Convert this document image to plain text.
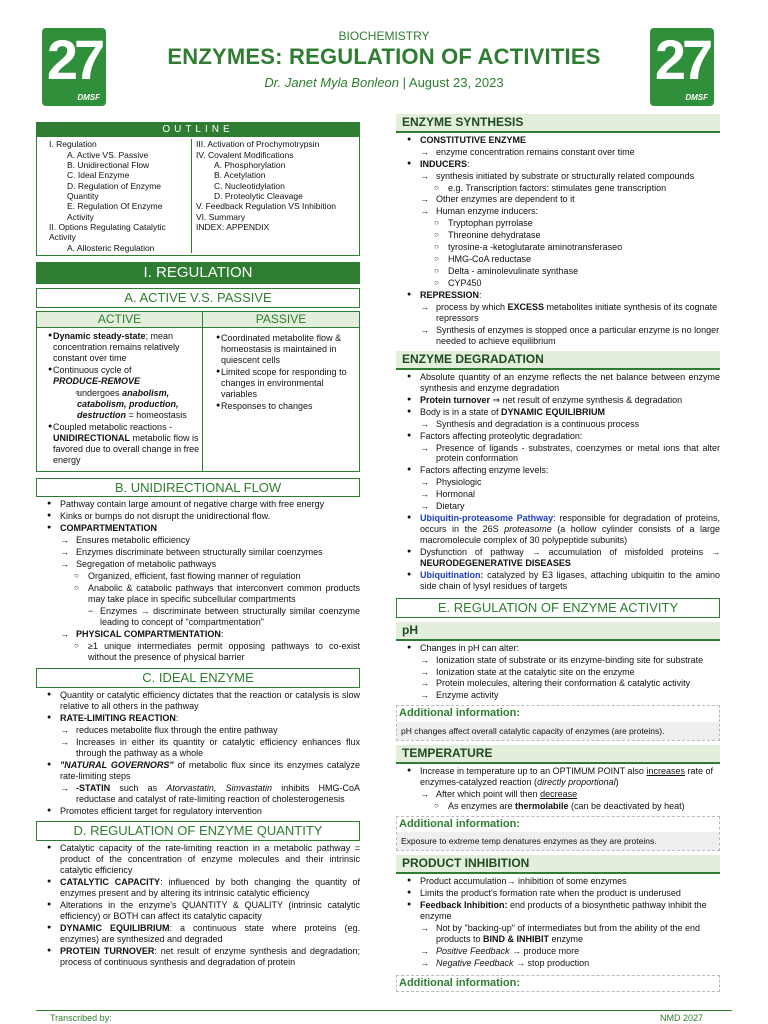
27
DMSF
27
DMSF
BIOCHEMISTRY
ENZYMES: REGULATION OF ACTIVITIES
Dr. Janet Myla Bonleon | August 23, 2023
OUTLINE
I. Regulation
A. Active VS. Passive
B. Unidirectional Flow
C. Ideal Enzyme
D. Regulation of Enzyme Quantity
E. Regulation Of Enzyme Activity
II. Options Regulating Catalytic Activity
A. Allosteric Regulation
III. Activation of Prochymotrypsin
IV. Covalent Modifications
A. Phosphorylation
B. Acetylation
C. Nucleotidylation
D. Proteolytic Cleavage
V. Feedback Regulation VS Inhibition
VI. Summary
INDEX: APPENDIX
I. REGULATION
A. ACTIVE V.S. PASSIVE
ACTIVE
● Dynamic steady-state; mean concentration remains relatively constant over time
● Continuous cycle of
PRODUCE-REMOVE
○ undergoes anabolism, catabolism, production, destruction = homeostasis
● Coupled metabolic reactions - UNIDIRECTIONAL metabolic flow is favored due to overall change in free energy
PASSIVE
● Coordinated metabolite flow & homeostasis is maintained in quiescent cells
● Limited scope for responding to changes in environmental variables
● Responses to changes
B. UNIDIRECTIONAL FLOW
● Pathway contain large amount of negative charge with free energy
● Kinks or bumps do not disrupt the unidirectional flow.
● COMPARTMENTATION
→ Ensures metabolic efficiency
→ Enzymes discriminate between structurally similar coenzymes
→ Segregation of metabolic pathways
○ Organized, efficient, fast flowing manner of regulation
○ Anabolic & catabolic pathways that interconvert common products may take place in specific subcellular compartments
− Enzymes → discriminate between structurally similar coenzyme leading to concept of "compartmentation"
→ PHYSICAL COMPARTMENTATION:
○ ≥1 unique intermediates permit opposing pathways to co-exist without the presence of physical barrier
C. IDEAL ENZYME
● Quantity or catalytic efficiency dictates that the reaction or catalysis is slow relative to all others in the pathway
● RATE-LIMITING REACTION:
→ reduces metabolite flux through the entire pathway
→ Increases in either its quantity or catalytic efficiency enhances flux through the pathway as a whole
● "NATURAL GOVERNORS" of metabolic flux since its enzymes catalyze rate-limiting steps
→ -STATIN such as Atorvastatin, Simvastatin inhibits HMG-CoA reductase and catalyst of rate-limiting reaction of cholesterogenesis
● Promotes efficient target for regulatory intervention
D. REGULATION OF ENZYME QUANTITY
● Catalytic capacity of the rate-limiting reaction in a metabolic pathway = product of the concentration of enzyme molecules and their intrinsic catalytic efficiency
● CATALYTIC CAPACITY: influenced by both changing the quantity of enzymes present and by altering its intrinsic catalytic efficiency
● Alterations in the enzyme's QUANTITY & QUALITY (intrinsic catalytic efficiency) or BOTH can affect its catalytic capacity
● DYNAMIC EQUILIBRIUM: a continuous state where proteins (eg. enzymes) are synthesized and degraded
● PROTEIN TURNOVER: net result of enzyme synthesis and degradation; process of continuous synthesis and degradation of protein
ENZYME SYNTHESIS
● CONSTITUTIVE ENZYME
→ enzyme concentration remains constant over time
● INDUCERS:
→ synthesis initiated by substrate or structurally related compounds
○ e.g. Transcription factors: stimulates gene transcription
→ Other enzymes are dependent to it
→ Human enzyme inducers:
○ Tryptophan pyrrolase
○ Threonine dehydratase
○ tyrosine-a -ketoglutarate aminotransferaseo
○ HMG-CoA reductase
○ Delta - aminolevulinate synthase
○ CYP450
● REPRESSION:
→ process by which EXCESS metabolites initiate synthesis of its cognate repressors
→ Synthesis of enzymes is stopped once a particular enzyme is no longer needed to achieve equilibrium
ENZYME DEGRADATION
● Absolute quantity of an enzyme reflects the net balance between enzyme synthesis and enzyme degradation
● Protein turnover ⇒ net result of enzyme synthesis & degradation
● Body is in a state of DYNAMIC EQUILIBRIUM
→ Synthesis and degradation is a continuous process
● Factors affecting proteolytic degradation:
→ Presence of ligands - substrates, coenzymes or metal ions that alter protein conformation
● Factors affecting enzyme levels:
→ Physiologic
→ Hormonal
→ Dietary
● Ubiquitin-proteasome Pathway: responsible for degradation of proteins, occurs in the 26S proteasome (a hollow cylinder consists of a large macromolecule complex of 30 polypeptide subunits)
● Dysfunction of pathway → accumulation of misfolded proteins → NEURODEGENERATIVE DISEASES
● Ubiquitination: catalyzed by E3 ligases, attaching ubiquitin to the amino side chain of lysyl residues of targets
E. REGULATION OF ENZYME ACTIVITY
pH
● Changes in pH can alter:
→ Ionization state of substrate or its enzyme-binding site for substrate
→ Ionization state at the catalytic site on the enzyme
→ Protein molecules, altering their conformation & catalytic activity
→ Enzyme activity
Additional information:
pH changes affect overall catalytic capacity of enzymes (are proteins).
TEMPERATURE
● Increase in temperature up to an OPTIMUM POINT also increases rate of enzymes-catalyzed reaction (directly proportional)
→ After which point will then decrease
○ As enzymes are thermolabile (can be deactivated by heat)
Additional information:
Exposure to extreme temp denatures enzymes as they are proteins.
PRODUCT INHIBITION
● Product accumulation→ inhibition of some enzymes
● Limits the product's formation rate when the product is underused
● Feedback Inhibition: end products of a biosynthetic pathway inhibit the enzyme
→ Not by "backing-up" of intermediates but from the ability of the end products to BIND & INHIBIT enzyme
→ Positive Feedback → produce more
→ Negative Feedback → stop production
Additional information:
Transcribed by:	NMD 2027
